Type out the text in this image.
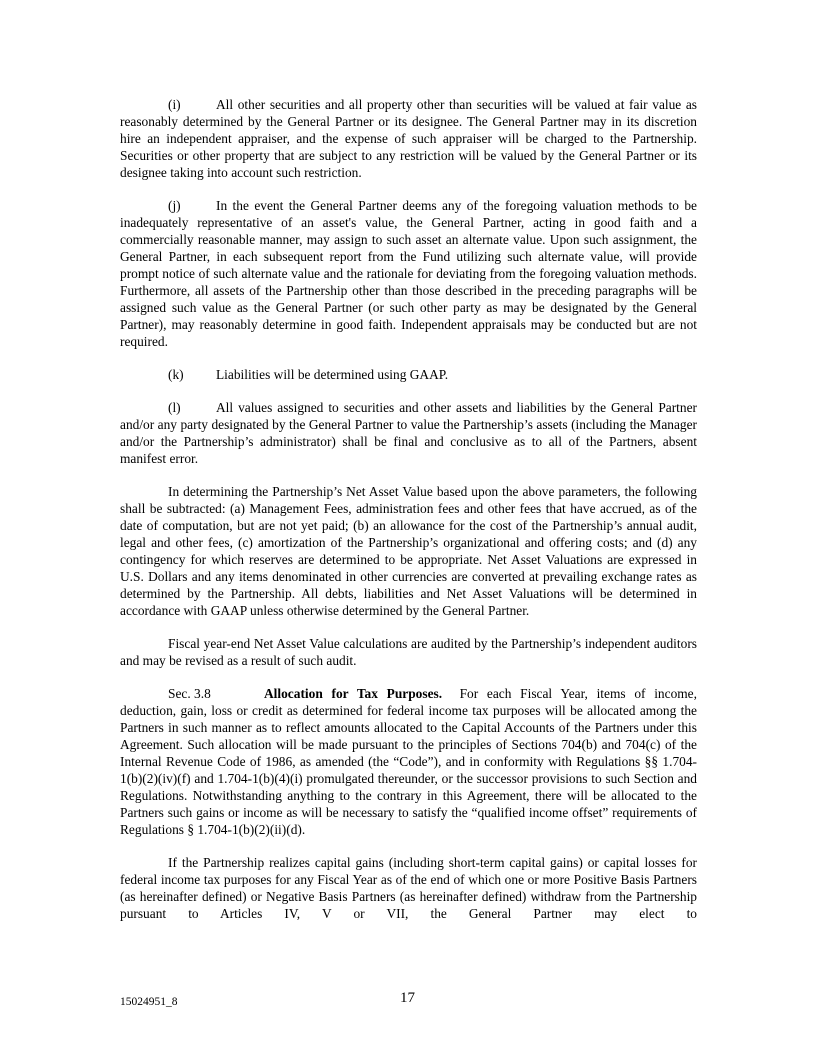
(i)	All other securities and all property other than securities will be valued at fair value as reasonably determined by the General Partner or its designee. The General Partner may in its discretion hire an independent appraiser, and the expense of such appraiser will be charged to the Partnership. Securities or other property that are subject to any restriction will be valued by the General Partner or its designee taking into account such restriction.

(j)	In the event the General Partner deems any of the foregoing valuation methods to be inadequately representative of an asset's value, the General Partner, acting in good faith and a commercially reasonable manner, may assign to such asset an alternate value. Upon such assignment, the General Partner, in each subsequent report from the Fund utilizing such alternate value, will provide prompt notice of such alternate value and the rationale for deviating from the foregoing valuation methods. Furthermore, all assets of the Partnership other than those described in the preceding paragraphs will be assigned such value as the General Partner (or such other party as may be designated by the General Partner), may reasonably determine in good faith. Independent appraisals may be conducted but are not required.

(k) Liabilities will be determined using GAAP.

(l)	All values assigned to securities and other assets and liabilities by the General Partner and/or any party designated by the General Partner to value the Partnership’s assets (including the Manager and/or the Partnership’s administrator) shall be final and conclusive as to all of the Partners, absent manifest error.

In determining the Partnership’s Net Asset Value based upon the above parameters, the following shall be subtracted: (a) Management Fees, administration fees and other fees that have accrued, as of the date of computation, but are not yet paid; (b) an allowance for the cost of the Partnership’s annual audit, legal and other fees, (c) amortization of the Partnership’s organizational and offering costs; and (d) any contingency for which reserves are determined to be appropriate. Net Asset Valuations are expressed in U.S. Dollars and any items denominated in other currencies are converted at prevailing exchange rates as determined by the Partnership. All debts, liabilities and Net Asset Valuations will be determined in accordance with GAAP unless otherwise determined by the General Partner.

Fiscal year-end Net Asset Value calculations are audited by the Partnership’s independent auditors and may be revised as a result of such audit.

Sec. 3.8	Allocation for Tax Purposes. For each Fiscal Year, items of income, deduction, gain, loss or credit as determined for federal income tax purposes will be allocated among the Partners in such manner as to reflect amounts allocated to the Capital Accounts of the Partners under this Agreement. Such allocation will be made pursuant to the principles of Sections 704(b) and 704(c) of the Internal Revenue Code of 1986, as amended (the “Code”), and in conformity with Regulations §§ 1.704-1(b)(2)(iv)(f) and 1.704-1(b)(4)(i) promulgated thereunder, or the successor provisions to such Section and Regulations. Notwithstanding anything to the contrary in this Agreement, there will be allocated to the Partners such gains or income as will be necessary to satisfy the “qualified income offset” requirements of Regulations § 1.704-1(b)(2)(ii)(d).

If the Partnership realizes capital gains (including short-term capital gains) or capital losses for federal income tax purposes for any Fiscal Year as of the end of which one or more Positive Basis Partners (as hereinafter defined) or Negative Basis Partners (as hereinafter defined) withdraw from the Partnership pursuant to Articles IV, V or VII, the General Partner may elect to

15024951_8	17
